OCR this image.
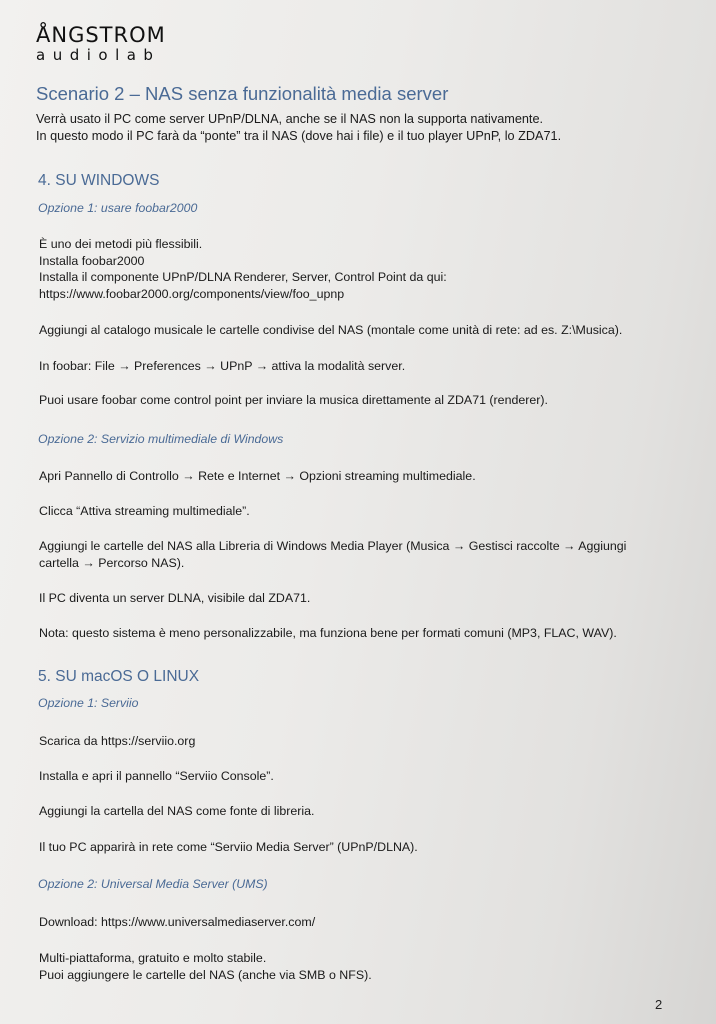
ÅNGSTROM
audiolab
Scenario 2 – NAS senza funzionalità media server

Verrà usato il PC come server UPnP/DLNA, anche se il NAS non la supporta nativamente.

In questo modo il PC farà da “ponte” tra il NAS (dove hai i file) e il tuo player UPnP, lo ZDA71.

4. SU WINDOWS
Opzione 1: usare foobar2000

È uno dei metodi più flessibili.
Installa foobar2000
Installa il componente UPnP/DLNA Renderer, Server, Control Point da qui:
https://www.foobar2000.org/components/view/foo_upnp

Aggiungi al catalogo musicale le cartelle condivise del NAS (montale come unità di rete: ad es. Z:\Musica).

In foobar: File → Preferences → UPnP → attiva la modalità server.

Puoi usare foobar come control point per inviare la musica direttamente al ZDA71 (renderer).

Opzione 2: Servizio multimediale di Windows

Apri Pannello di Controllo → Rete e Internet → Opzioni streaming multimediale.

Clicca “Attiva streaming multimediale”.

Aggiungi le cartelle del NAS alla Libreria di Windows Media Player (Musica → Gestisci raccolte → Aggiungi
cartella → Percorso NAS).

Il PC diventa un server DLNA, visibile dal ZDA71.

Nota: questo sistema è meno personalizzabile, ma funziona bene per formati comuni (MP3, FLAC, WAV).

5. SU macOS O LINUX
Opzione 1: Serviio

Scarica da https://serviio.org

Installa e apri il pannello “Serviio Console”.

Aggiungi la cartella del NAS come fonte di libreria.

Il tuo PC apparirà in rete come “Serviio Media Server” (UPnP/DLNA).

Opzione 2: Universal Media Server (UMS)

Download: https://www.universalmediaserver.com/

Multi-piattaforma, gratuito e molto stabile.
Puoi aggiungere le cartelle del NAS (anche via SMB o NFS).

2
